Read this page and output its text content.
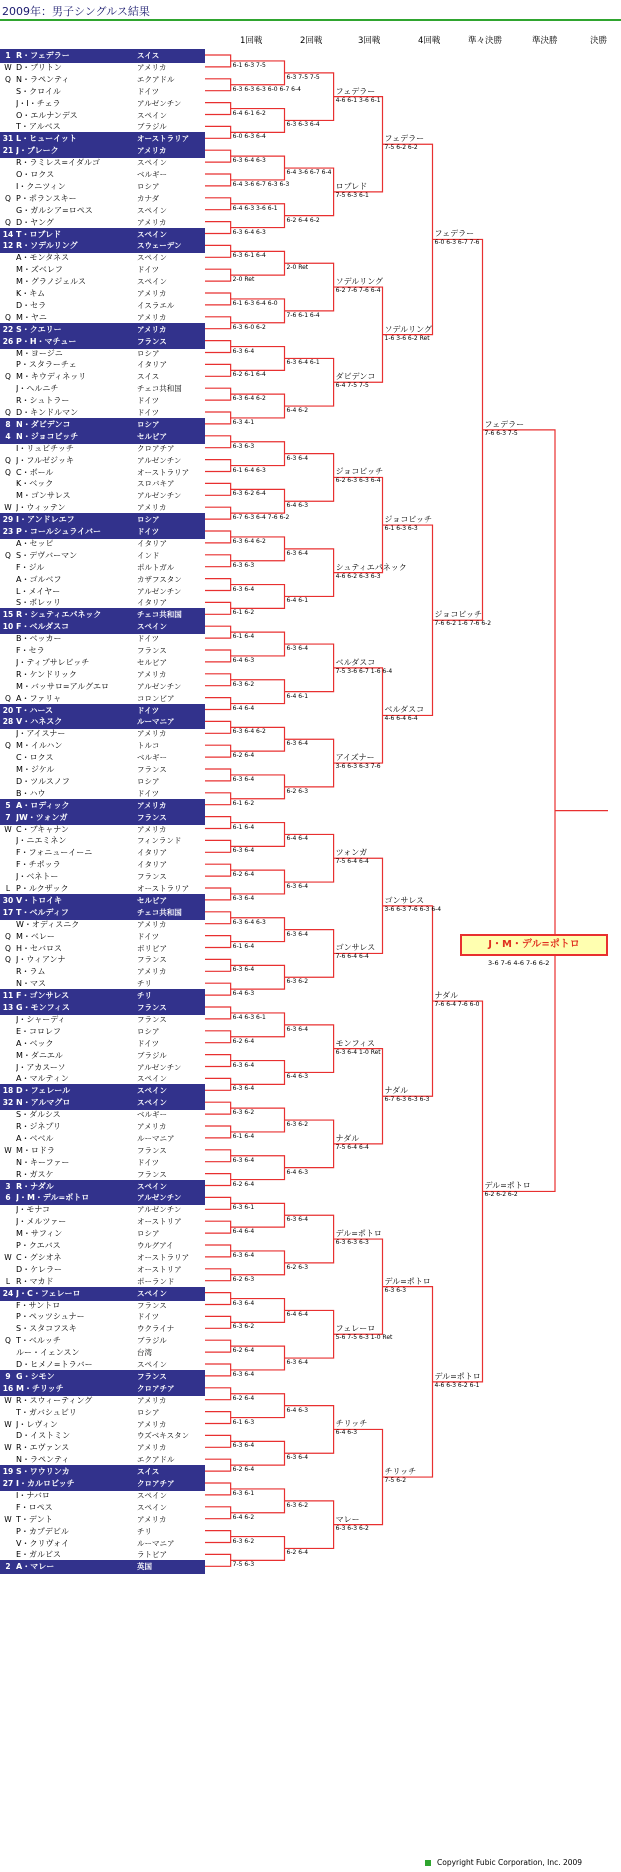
2009年：男子シングルス結果
1回戦	2回戦	3回戦	4回戦	準々決勝	準決勝	決勝
1 R・フェデラー	スイス
W D・ブリトン	アメリカ
Q N・ラペンティ	エクアドル
S・クロイル	ドイツ
J・I・チェラ	アルゼンチン
O・エルナンデス	スペイン
T・アルベス	ブラジル
31 L・ヒューイット	オーストラリア
21 J・ブレーク	アメリカ
R・ラミレス=イダルゴ	スペイン
O・ロクス	ベルギー
I・クニツィン	ロシア
Q P・ポランスキー	カナダ
G・ガルシア=ロペス	スペイン
Q D・ヤング	アメリカ
14 T・ロブレド	スペイン
12 R・ソデルリング	スウェーデン
A・モンタネス	スペイン
M・ズベレフ	ドイツ
M・グラノジェルス	スペイン
K・キム	アメリカ
D・セラ	イスラエル
Q M・ヤニ	アメリカ
22 S・クエリー	アメリカ
26 P・H・マチュー	フランス
M・ヨージニ	ロシア
P・スタラーチェ	イタリア
Q M・キウディネッリ	スイス
J・ヘルニチ	チェコ共和国
R・シュトラー	ドイツ
Q D・キンドルマン	ドイツ
8 N・ダビデンコ	ロシア
4 N・ジョコビッチ	セルビア
I・リュビチッチ	クロアチア
Q J・フルゼジッキ	アルゼンチン
Q C・ボール	オーストラリア
K・ベック	スロバキア
M・ゴンサレス	アルゼンチン
W J・ウィッテン	アメリカ
29 I・アンドレエフ	ロシア
23 P・コールシュライバー	ドイツ
A・セッピ	イタリア
Q S・デヴバーマン	インド
F・ジル	ポルトガル
A・ゴルベフ	カザフスタン
L・メイヤー	アルゼンチン
S・ボレッリ	イタリア
15 R・シュティエパネック	チェコ共和国
10 F・ベルダスコ	スペイン
B・ベッカー	ドイツ
F・セラ	フランス
J・ティプサレビッチ	セルビア
R・ケンドリック	アメリカ
M・バッサロ=アルグエロ	アルゼンチン
Q A・ファリャ	コロンビア
20 T・ハース	ドイツ
28 V・ハネスク	ルーマニア
J・アイスナー	アメリカ
Q M・イルハン	トルコ
C・ロクス	ベルギー
M・ジケル	フランス
D・ツルスノフ	ロシア
B・ハウ	ドイツ
5 A・ロディック	アメリカ
7 JW・ツォンガ	フランス
W C・ブキャナン	アメリカ
J・ニエミネン	フィンランド
F・フォニューイーニ	イタリア
F・チポッラ	イタリア
J・ベネトー	フランス
L P・ルクザック	オーストラリア
30 V・トロイキ	セルビア
17 T・ベルディフ	チェコ共和国
W・オディスニク	アメリカ
Q M・ベレー	ドイツ
Q H・セバロス	ボリビア
Q J・ウィアンナ	フランス
R・ラム	アメリカ
N・マス	チリ
11 F・ゴンサレス	チリ
13 G・モンフィス	フランス
J・シャーディ	フランス
E・コロレフ	ロシア
A・ベック	ドイツ
M・ダニエル	ブラジル
J・アカスーソ	アルゼンチン
A・マルティン	スペイン
18 D・フェレール	スペイン
32 N・アルマグロ	スペイン
S・ダルシス	ベルギー
R・ジネプリ	アメリカ
A・ベベル	ルーマニア
W M・ロドラ	フランス
N・キーファー	ドイツ
R・ガスケ	フランス
3 R・ナダル	スペイン
6 J・M・デル=ポトロ	アルゼンチン
J・モナコ	アルゼンチン
J・メルツァー	オーストリア
M・サフィン	ロシア
P・クエバス	ウルグアイ
W C・グシオネ	オーストラリア
D・ケレラー	オーストリア
L R・マカド	ポーランド
24 J・C・フェレーロ	スペイン
F・サントロ	フランス
P・ペッツシュナー	ドイツ
S・スタコフスキ	ウクライナ
Q T・ベルッチ	ブラジル
ルー・イェンスン	台湾
D・ヒメノ=トラバー	スペイン
9 G・シモン	フランス
16 M・チリッチ	クロアチア
W R・スウィーティング	アメリカ
T・ガバシュビリ	ロシア
W J・レヴィン	アメリカ
D・イストミン	ウズベキスタン
W R・エヴァンス	アメリカ
N・ラペンティ	エクアドル
19 S・ワウリンカ	スイス
27 I・カルロビッチ	クロアチア
I・ナバロ	スペイン
F・ロペス	スペイン
W T・デント	アメリカ
P・カプデビル	チリ
V・クリヴォイ	ルーマニア
E・ガルビス	ラトビア
2 A・マレー	英国
6-1 6-3 7-5
6-3 6-3 6-3 6-0 6-7 6-4
6-4 6-1 6-2
6-0 6-3 6-4
6-3 6-4 6-3
6-4 3-6 6-7 6-3 6-3
6-4 6-3 3-6 6-1
6-3 6-4 6-3
6-3 6-1 6-4
2-0 Ret
6-1 6-3 6-4 6-0
6-3 6-0 6-2
6-3 6-4
6-2 6-1 6-4
6-3 6-4 6-2
6-3 4-1
6-3 6-3
6-1 6-4 6-3
6-3 6-2 6-4
6-7 6-3 6-4 7-6 6-2
6-3 6-4 6-2
6-3 6-3
6-3 6-4
6-1 6-2
6-1 6-4
6-4 6-3
6-3 6-2
6-4 6-4
6-3 6-4 6-2
6-2 6-4
6-3 6-4
6-1 6-2
6-1 6-4
6-3 6-4
6-2 6-4
6-3 6-4
6-3 6-4 6-3
6-1 6-4
6-3 6-4
6-4 6-3
6-4 6-3 6-1
6-2 6-4
6-3 6-4
6-3 6-4
6-3 6-2
6-1 6-4
6-3 6-4
6-2 6-4
6-3 6-1
6-4 6-4
6-3 6-4
6-2 6-3
6-3 6-4
6-3 6-2
6-2 6-4
6-3 6-4
6-2 6-4
6-1 6-3
6-3 6-4
6-2 6-4
6-3 6-1
6-4 6-2
6-3 6-2
7-5 6-3
6-3 7-5 7-5
6-3 6-3 6-4
6-4 3-6 6-7 6-4
6-2 6-4 6-2
2-0 Ret
7-6 6-1 6-4
6-3 6-4 6-1
6-4 6-2
6-3 6-4
6-4 6-3
6-3 6-4
6-4 6-1
6-3 6-4
6-4 6-1
6-3 6-4
6-2 6-3
6-4 6-4
6-3 6-4
6-3 6-4
6-3 6-2
6-3 6-4
6-4 6-3
6-3 6-2
6-4 6-3
6-3 6-4
6-2 6-3
6-4 6-4
6-3 6-4
6-4 6-3
6-3 6-4
6-3 6-2
6-2 6-4
フェデラー
4-6 6-1 3-6 6-1
ロブレド
7-5 6-3 6-1
ソデルリング
6-2 7-6 7-6 6-4
ダビデンコ
6-4 7-5 7-5
ジョコビッチ
6-2 6-3 6-3 6-4
シュティエパネック
4-6 6-2 6-3 6-3
ベルダスコ
7-5 3-6 6-7 1-6 6-4
アイズナー
3-6 6-3 6-3 7-6
ツォンガ
7-5 6-4 6-4
ゴンサレス
7-6 6-4 6-4
モンフィス
6-3 6-4 1-0 Ret
ナダル
7-5 6-4 6-4
デル=ポトロ
6-3 6-3 6-3
フェレーロ
5-6 7-5 6-3 1-0 Ret
チリッチ
6-4 6-3
マレー
6-3 6-3 6-2
フェデラー
7-5 6-2 6-2
ソデルリング
1-6 3-6 6-2 Ret
ジョコビッチ
6-1 6-3 6-3
ベルダスコ
4-6 6-4 6-4
ゴンサレス
3-6 6-3 7-6 6-3 6-4
ナダル
6-7 6-3 6-3 6-3
デル=ポトロ
6-3 6-3
チリッチ
7-5 6-2
フェデラー
6-0 6-3 6-7 7-6
ジョコビッチ
7-6 6-2 1-6 7-6 6-2
ナダル
7-6 6-4 7-6 6-0
デル=ポトロ
4-6 6-3 6-2 6-1
フェデラー
7-6 6-3 7-5
デル=ポトロ
6-2 6-2 6-2
J・M・デル=ポトロ
3-6 7-6 4-6 7-6 6-2
Copyright Fubic Corporation, Inc. 2009
